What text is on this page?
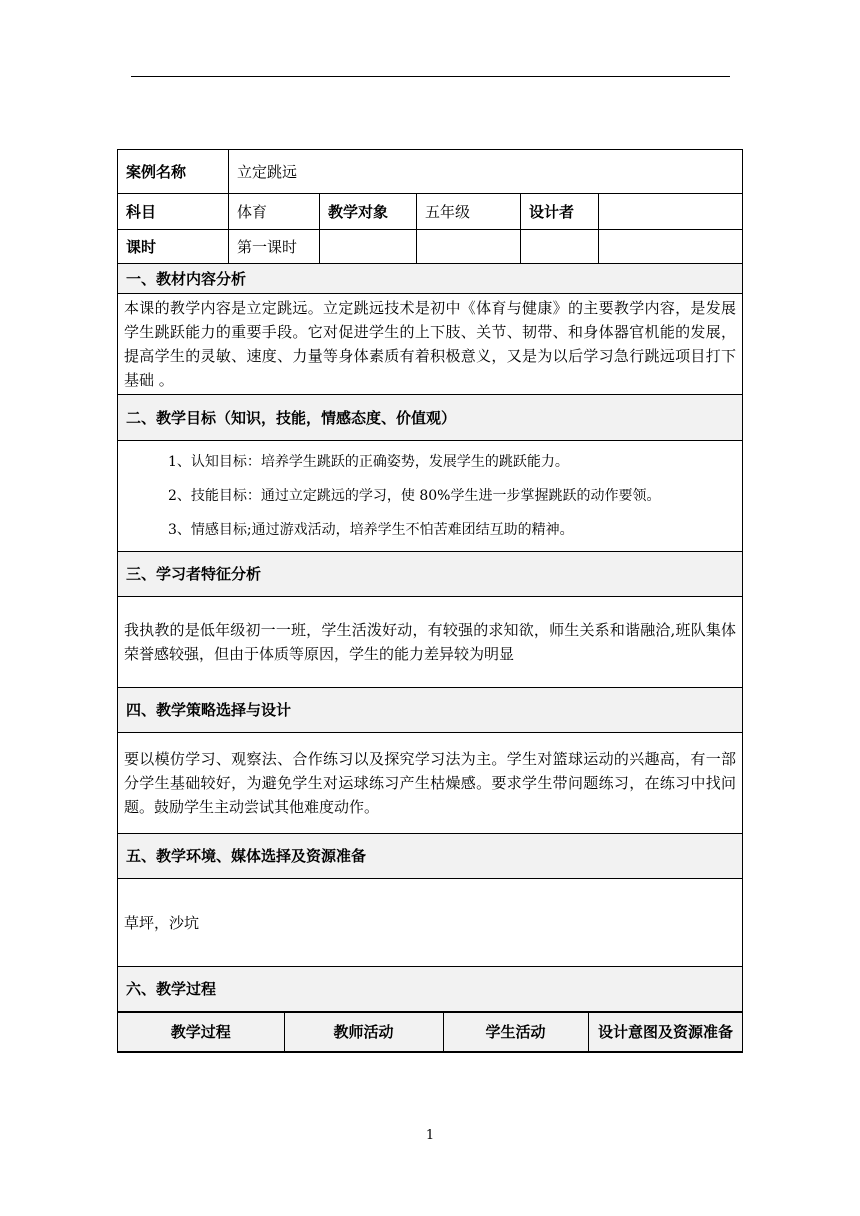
案例名称	立定跳远
科目	体育	教学对象	五年级	设计者	
课时	第一课时				
一、教材内容分析
本课的教学内容是立定跳远。立定跳远技术是初中《体育与健康》的主要教学内容，是发展学生跳跃能力的重要手段。它对促进学生的上下肢、关节、韧带、和身体器官机能的发展，提高学生的灵敏、速度、力量等身体素质有着积极意义，又是为以后学习急行跳远项目打下基础 。
二、教学目标（知识，技能，情感态度、价值观）

1、认知目标：培养学生跳跃的正确姿势，发展学生的跳跃能力。
2、技能目标：通过立定跳远的学习，使 80%学生进一步掌握跳跃的动作要领。
3、情感目标;通过游戏活动，培养学生不怕苦难团结互助的精神。

三、学习者特征分析
我执教的是低年级初一一班，学生活泼好动，有较强的求知欲，师生关系和谐融洽,班队集体荣誉感较强，但由于体质等原因，学生的能力差异较为明显
四、教学策略选择与设计
要以模仿学习、观察法、合作练习以及探究学习法为主。学生对篮球运动的兴趣高，有一部分学生基础较好，为避免学生对运球练习产生枯燥感。要求学生带问题练习，在练习中找问题。鼓励学生主动尝试其他难度动作。
五、教学环境、媒体选择及资源准备
草坪，沙坑
六、教学过程

教学过程	教师活动	学生活动	设计意图及资源准备
1
